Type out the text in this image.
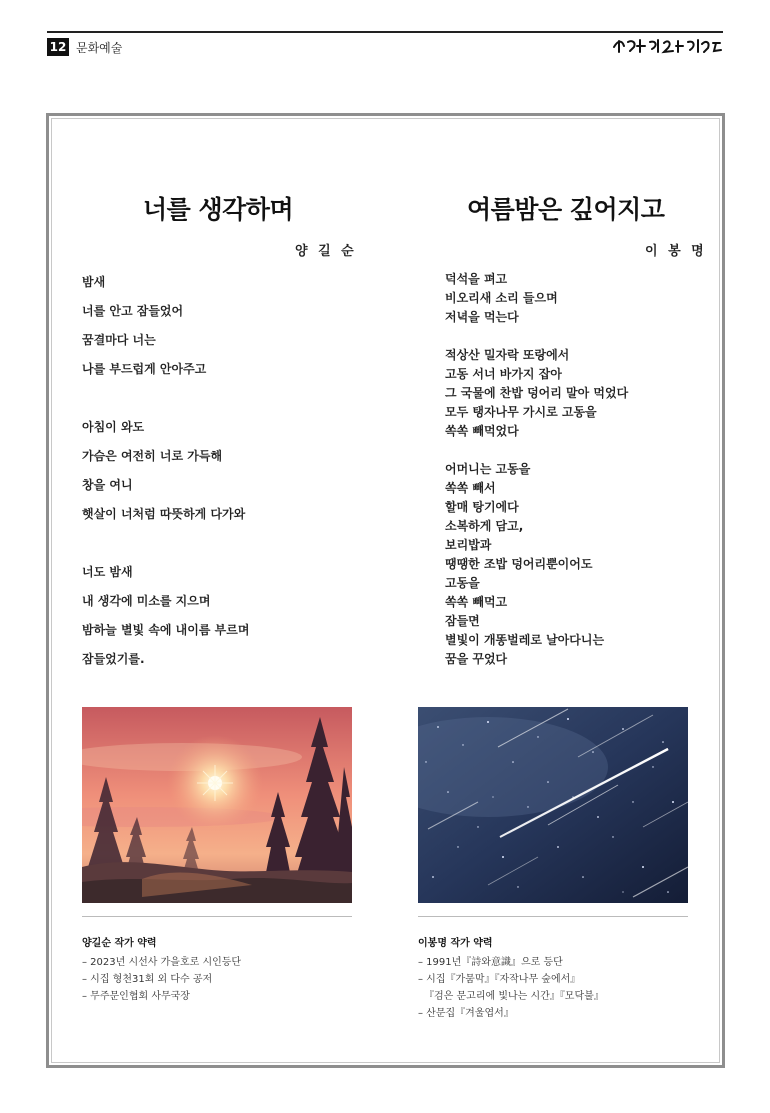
12 문화예술
너를 생각하며
양 길 순
밤새
너를 안고 잠들었어
꿈결마다 너는
나를 부드럽게 안아주고
아침이 와도
가슴은 여전히 너로 가득해
창을 여니
햇살이 너처럼 따뜻하게 다가와
너도 밤새
내 생각에 미소를 지으며
밤하늘 별빛 속에 내이름 부르며
잠들었기를.
여름밤은 깊어지고
이 봉 명
덕석을 펴고
비오리새 소리 들으며
저녁을 먹는다
적상산 밀자락 또랑에서
고동 서너 바가지 잡아
그 국물에 찬밥 덩어리 말아 먹었다
모두 탱자나무 가시로 고동을
쏙쏙 빼먹었다
어머니는 고동을
쏙쏙 빼서
할매 탕기에다
소복하게 담고,
보리밥과
땡땡한 조밥 덩어리뿐이어도
고동을
쏙쏙 빼먹고
잠들면
별빛이 개똥벌레로 날아다니는
꿈을 꾸었다
양길순 작가 약력
– 2023년 시선사 가을호로 시인등단
– 시집 형천31회 외 다수 공저
– 무주문인협회 사무국장
이봉명 작가 약력
– 1991년『詩와意識』으로 등단
– 시집『가뭄막』『자작나무 숲에서』
『검은 문고리에 빛나는 시간』『모닥불』
– 산문집『겨울엽서』
